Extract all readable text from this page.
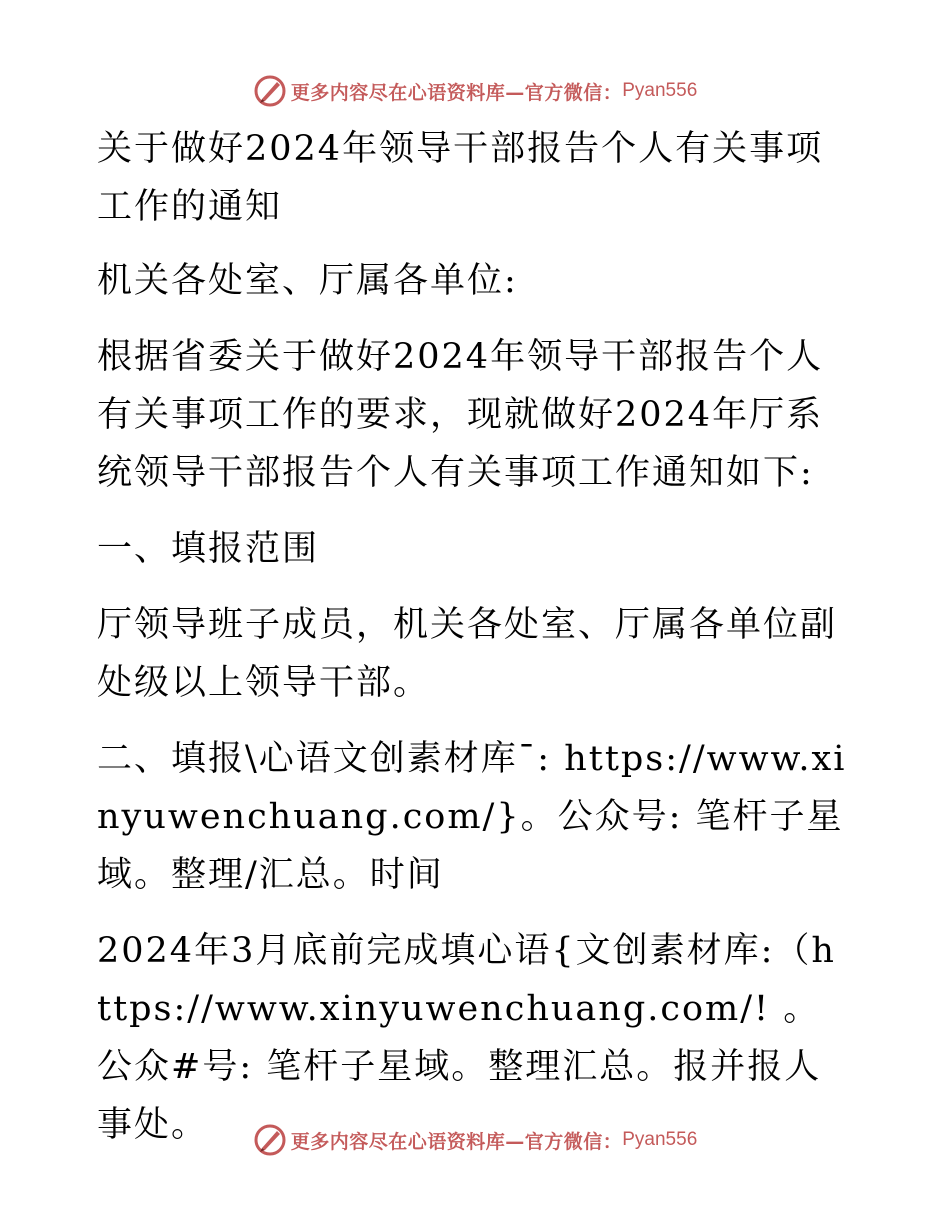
更多内容尽在心语资料库—官方微信： Pyan556

关于做好2024年领导干部报告个人有关事项工作的通知

机关各处室、厅属各单位:

根据省委关于做好2024年领导干部报告个人有关事项工作的要求，现就做好2024年厅系统领导干部报告个人有关事项工作通知如下:

一、填报范围

厅领导班子成员，机关各处室、厅属各单位副处级以上领导干部。

二、填报\心语文创素材库¯: https://www.xinyuwenchuang.com/}。公众号: 笔杆子星域。整理/汇总。时间

2024年3月底前完成填心语{文创素材库:（https://www.xinyuwenchuang.com/! 。公众#号: 笔杆子星域。整理汇总。报并报人事处。	更多内容尽在心语资料库—官方微信： Pyan556
